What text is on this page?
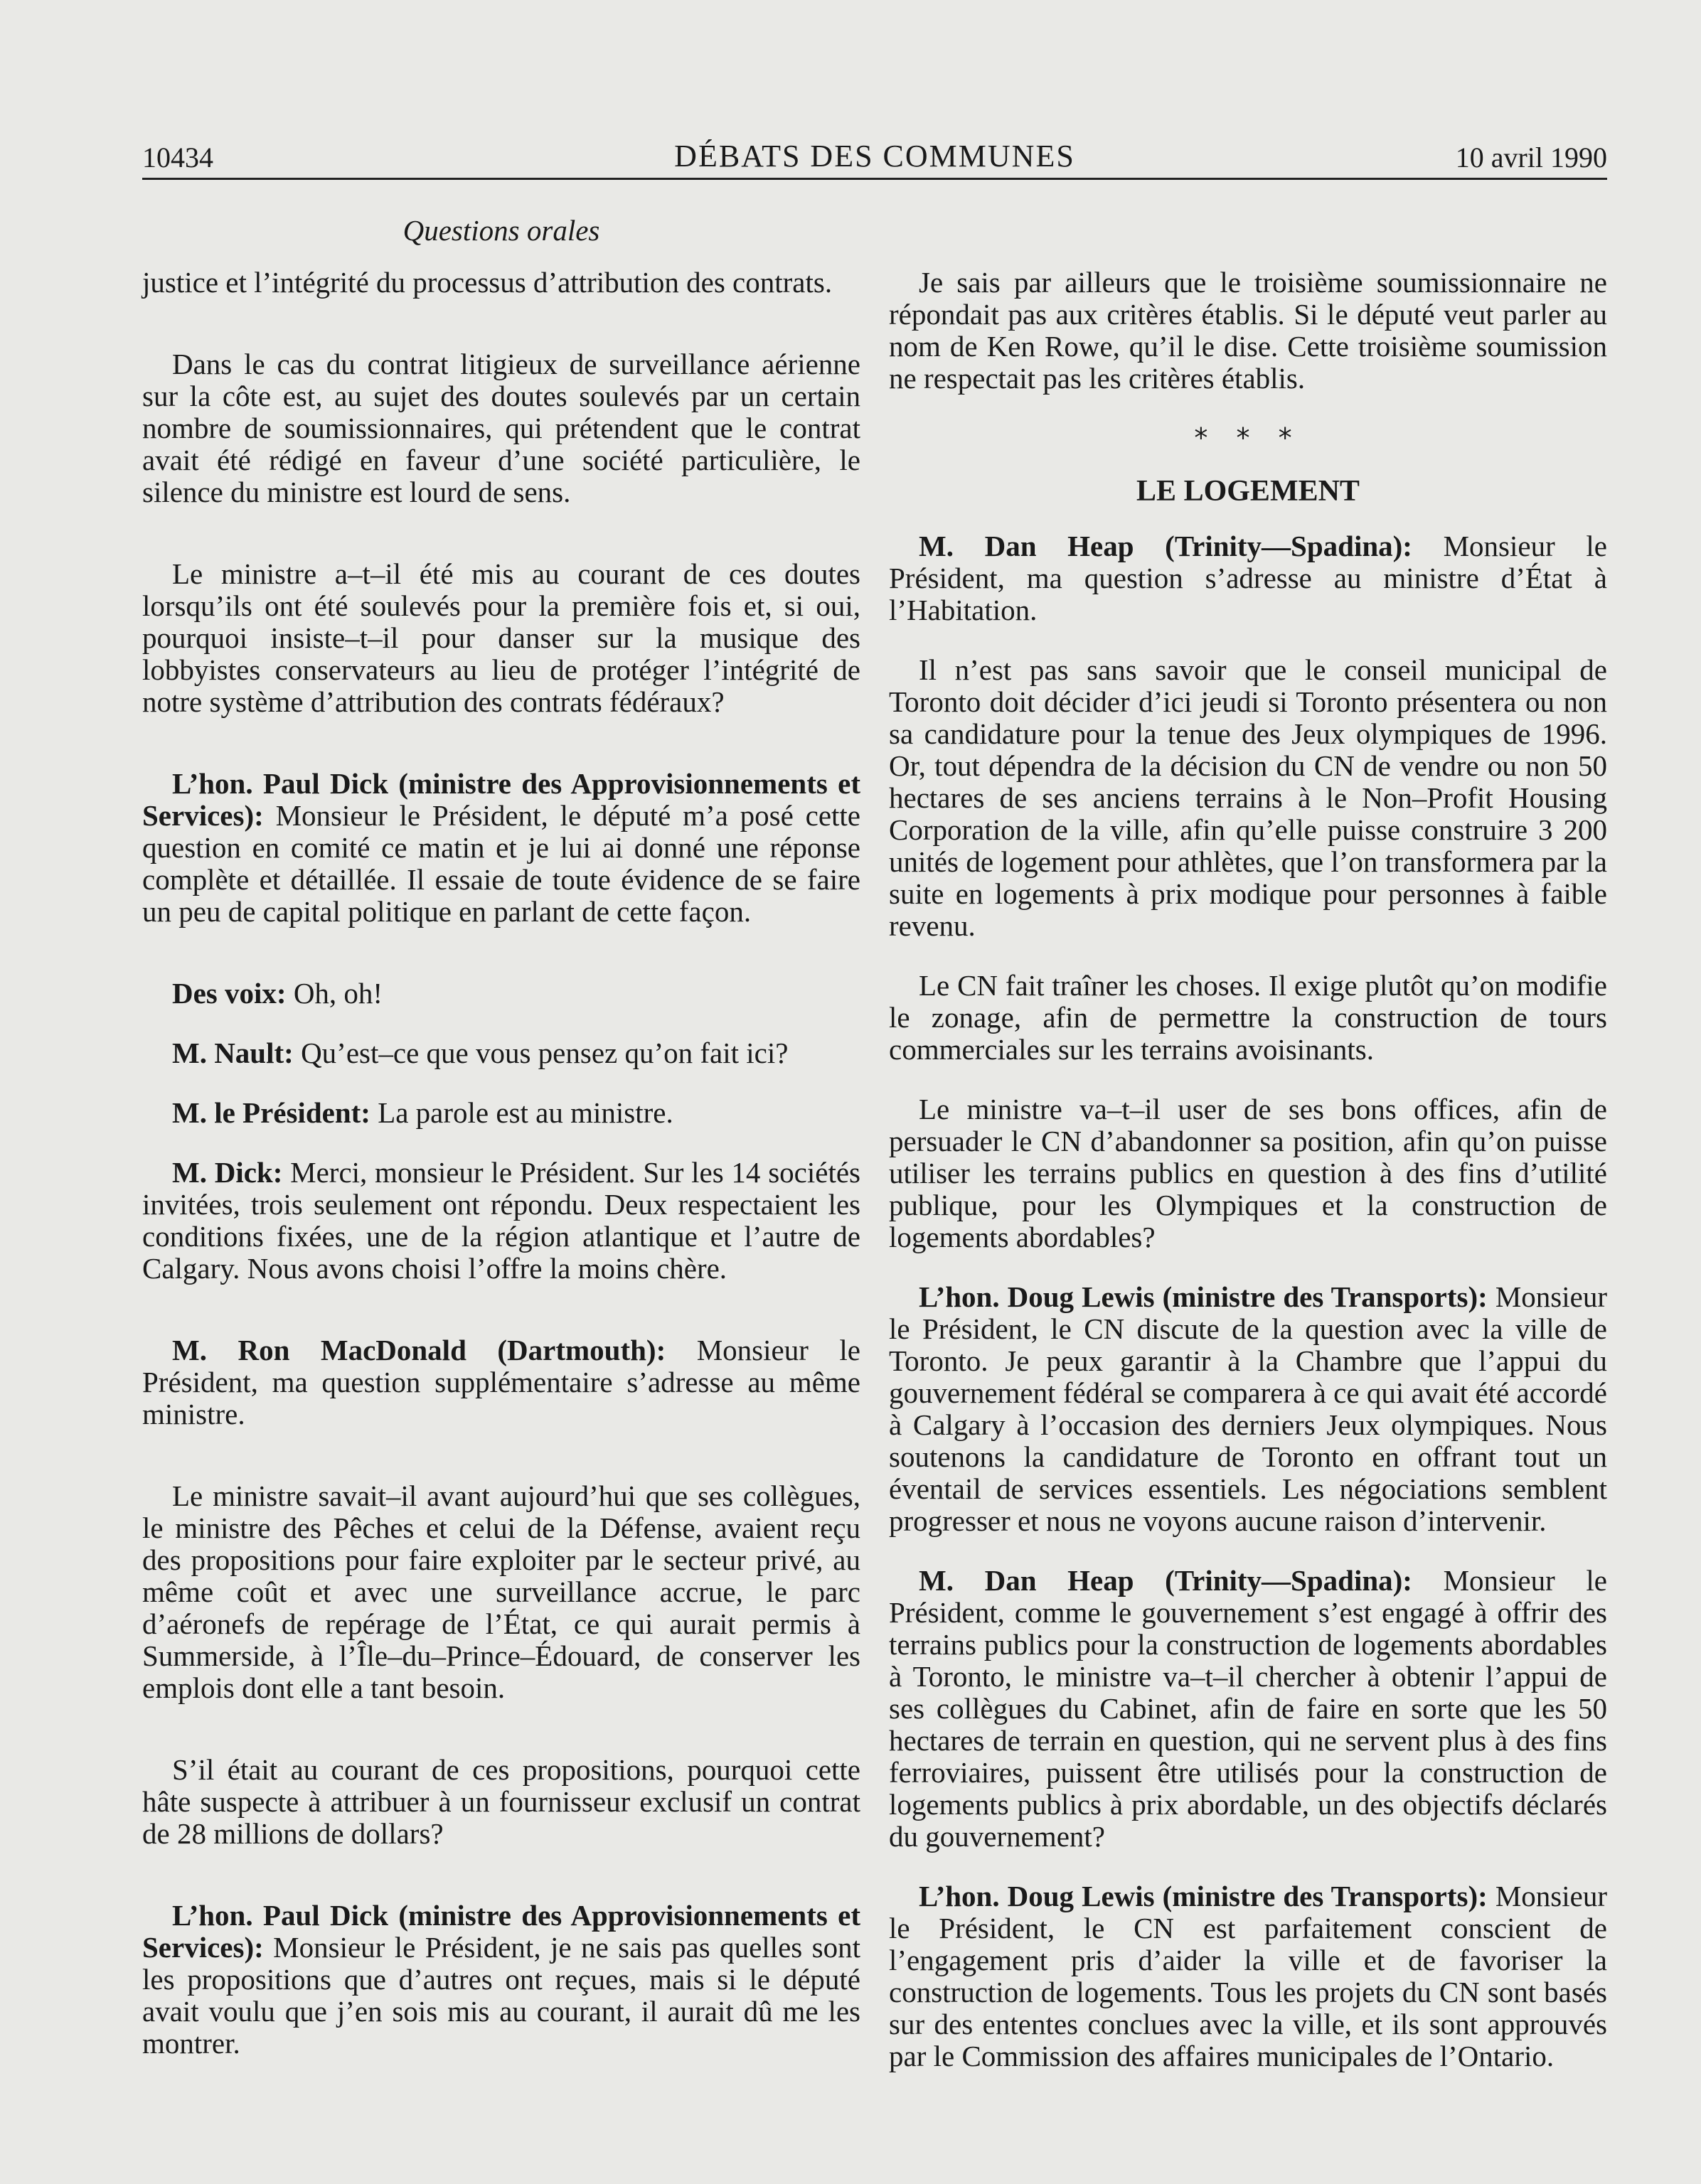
10434	DÉBATS DES COMMUNES	10 avril 1990
Questions orales

justice et l’intégrité du processus d’attribution des contrats.

Dans le cas du contrat litigieux de surveillance aérienne sur la côte est, au sujet des doutes soulevés par un certain nombre de soumissionnaires, qui prétendent que le contrat avait été rédigé en faveur d’une société particulière, le silence du ministre est lourd de sens.

Le ministre a–t–il été mis au courant de ces doutes lorsqu’ils ont été soulevés pour la première fois et, si oui, pourquoi insiste–t–il pour danser sur la musique des lobbyistes conservateurs au lieu de protéger l’intégrité de notre système d’attribution des contrats fédéraux?

L’hon. Paul Dick (ministre des Approvisionnements et Services): Monsieur le Président, le député m’a posé cette question en comité ce matin et je lui ai donné une réponse complète et détaillée. Il essaie de toute évidence de se faire un peu de capital politique en parlant de cette façon.

Des voix: Oh, oh!

M. Nault: Qu’est–ce que vous pensez qu’on fait ici?

M. le Président: La parole est au ministre.

M. Dick: Merci, monsieur le Président. Sur les 14 sociétés invitées, trois seulement ont répondu. Deux respectaient les conditions fixées, une de la région atlantique et l’autre de Calgary. Nous avons choisi l’offre la moins chère.

M. Ron MacDonald (Dartmouth): Monsieur le Président, ma question supplémentaire s’adresse au même ministre.

Le ministre savait–il avant aujourd’hui que ses collègues, le ministre des Pêches et celui de la Défense, avaient reçu des propositions pour faire exploiter par le secteur privé, au même coût et avec une surveillance accrue, le parc d’aéronefs de repérage de l’État, ce qui aurait permis à Summerside, à l’Île–du–Prince–Édouard, de conserver les emplois dont elle a tant besoin.

S’il était au courant de ces propositions, pourquoi cette hâte suspecte à attribuer à un fournisseur exclusif un contrat de 28 millions de dollars?

L’hon. Paul Dick (ministre des Approvisionnements et Services): Monsieur le Président, je ne sais pas quelles sont les propositions que d’autres ont reçues, mais si le député avait voulu que j’en sois mis au courant, il aurait dû me les montrer.

Je sais par ailleurs que le troisième soumissionnaire ne répondait pas aux critères établis. Si le député veut parler au nom de Ken Rowe, qu’il le dise. Cette troisième soumission ne respectait pas les critères établis.

* * *
LE LOGEMENT

M. Dan Heap (Trinity—Spadina): Monsieur le Président, ma question s’adresse au ministre d’État à l’Habitation.

Il n’est pas sans savoir que le conseil municipal de Toronto doit décider d’ici jeudi si Toronto présentera ou non sa candidature pour la tenue des Jeux olympiques de 1996. Or, tout dépendra de la décision du CN de vendre ou non 50 hectares de ses anciens terrains à le Non–Profit Housing Corporation de la ville, afin qu’elle puisse construire 3 200 unités de logement pour athlètes, que l’on transformera par la suite en logements à prix modique pour personnes à faible revenu.

Le CN fait traîner les choses. Il exige plutôt qu’on modifie le zonage, afin de permettre la construction de tours commerciales sur les terrains avoisinants.

Le ministre va–t–il user de ses bons offices, afin de persuader le CN d’abandonner sa position, afin qu’on puisse utiliser les terrains publics en question à des fins d’utilité publique, pour les Olympiques et la construction de logements abordables?

L’hon. Doug Lewis (ministre des Transports): Monsieur le Président, le CN discute de la question avec la ville de Toronto. Je peux garantir à la Chambre que l’appui du gouvernement fédéral se comparera à ce qui avait été accordé à Calgary à l’occasion des derniers Jeux olympiques. Nous soutenons la candidature de Toronto en offrant tout un éventail de services essentiels. Les négociations semblent progresser et nous ne voyons aucune raison d’intervenir.

M. Dan Heap (Trinity—Spadina): Monsieur le Président, comme le gouvernement s’est engagé à offrir des terrains publics pour la construction de logements abordables à Toronto, le ministre va–t–il chercher à obtenir l’appui de ses collègues du Cabinet, afin de faire en sorte que les 50 hectares de terrain en question, qui ne servent plus à des fins ferroviaires, puissent être utilisés pour la construction de logements publics à prix abordable, un des objectifs déclarés du gouvernement?

L’hon. Doug Lewis (ministre des Transports): Monsieur le Président, le CN est parfaitement conscient de l’engagement pris d’aider la ville et de favoriser la construction de logements. Tous les projets du CN sont basés sur des ententes conclues avec la ville, et ils sont approuvés par le Commission des affaires municipales de l’Ontario.
